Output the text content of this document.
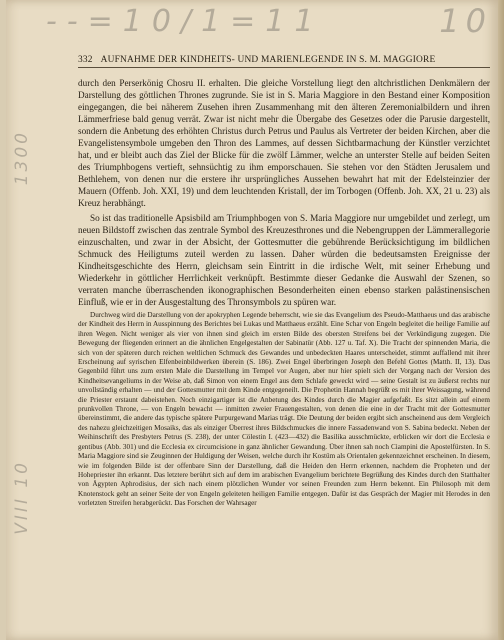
--=10/1=11	10
1300
VIII 10
332 AUFNAHME DER KINDHEITS- UND MARIENLEGENDE IN S. M. MAGGIORE

durch den Perserkönig Chosru II. erhalten. Die gleiche Vorstellung liegt den altchristlichen Denkmälern der Darstellung des göttlichen Thrones zugrunde. Sie ist in S. Maria Maggiore in den Bestand einer Komposition eingegangen, die bei näherem Zusehen ihren Zusammenhang mit den älteren Zeremonialbildern und ihren Lämmerfriese bald genug verrät. Zwar ist nicht mehr die Übergabe des Gesetzes oder die Parusie dargestellt, sondern die Anbetung des erhöhten Christus durch Petrus und Paulus als Vertreter der beiden Kirchen, aber die Evangelistensymbole umgeben den Thron des Lammes, auf dessen Sichtbarmachung der Künstler verzichtet hat, und er bleibt auch das Ziel der Blicke für die zwölf Lämmer, welche an unterster Stelle auf beiden Seiten des Triumphbogens vertieft, sehnsüchtig zu ihm emporschauen. Sie stehen vor den Städten Jerusalem und Bethlehem, von denen nur die erstere ihr ursprüngliches Aussehen bewahrt hat mit der Edelsteinzier der Mauern (Offenb. Joh. XXI, 19) und dem leuchtenden Kristall, der im Torbogen (Offenb. Joh. XX, 21 u. 23) als Kreuz herabhängt.

So ist das traditionelle Apsisbild am Triumphbogen von S. Maria Maggiore nur umgebildet und zerlegt, um neuen Bildstoff zwischen das zentrale Symbol des Kreuzesthrones und die Nebengruppen der Lämmerallegorie einzuschalten, und zwar in der Absicht, der Gottesmutter die gebührende Berücksichtigung im bildlichen Schmuck des Heiligtums zuteil werden zu lassen. Daher würden die bedeutsamsten Ereignisse der Kindheitsgeschichte des Herrn, gleichsam sein Eintritt in die irdische Welt, mit seiner Erhebung und Wiederkehr in göttlicher Herrlichkeit verknüpft. Bestimmte dieser Gedanke die Auswahl der Szenen, so verraten manche überraschenden ikonographischen Besonderheiten einen ebenso starken palästinensischen Einfluß, wie er in der Ausgestaltung des Thronsymbols zu spüren war.

Durchweg wird die Darstellung von der apokryphen Legende beherrscht, wie sie das Evangelium des Pseudo-Matthaeus und das arabische der Kindheit des Herrn in Ausspinnung des Berichtes bei Lukas und Matthaeus erzählt. Eine Schar von Engeln begleitet die heilige Familie auf ihren Wegen. Nicht weniger als vier von ihnen sind gleich im ersten Bilde des obersten Streifens bei der Verkündigung zugegen. Die Bewegung der fliegenden erinnert an die ähnlichen Engelgestalten der Sabinatür (Abb. 127 u. Taf. X). Die Tracht der spinnenden Maria, die sich von der späteren durch reichen weltlichen Schmuck des Gewandes und unbedeckten Haares unterscheidet, stimmt auffallend mit ihrer Erscheinung auf syrischen Elfenbeinbildwerken überein (S. 186). Zwei Engel überbringen Joseph den Befehl Gottes (Matth. II, 13). Das Gegenbild führt uns zum ersten Male die Darstellung im Tempel vor Augen, aber nur hier spielt sich der Vorgang nach der Version des Kindheitsevangeliums in der Weise ab, daß Simon von einem Engel aus dem Schlafe geweckt wird — seine Gestalt ist zu äußerst rechts nur unvollständig erhalten — und der Gottesmutter mit dem Kinde entgegeneilt. Die Prophetin Hannah begrüßt es mit ihrer Weissagung, während die Priester erstaunt dabeistehen. Noch einzigartiger ist die Anbetung des Kindes durch die Magier aufgefaßt. Es sitzt allein auf einem prunkvollen Throne, — von Engeln bewacht — inmitten zweier Frauengestalten, von denen die eine in der Tracht mit der Gottesmutter übereinstimmt, die andere das typische spätere Purpurgewand Marias trägt. Die Deutung der beiden ergibt sich anscheinend aus dem Vergleich des nahezu gleichzeitigen Mosaiks, das als einziger Überrest ihres Bildschmuckes die innere Fassadenwand von S. Sabina bedeckt. Neben der Weihinschrift des Presbyters Petrus (S. 238), der unter Cölestin I. (423—432) die Basilika ausschmückte, erblicken wir dort die Ecclesia e gentibus (Abb. 301) und die Ecclesia ex circumcisione in ganz ähnlicher Gewandung. Über ihnen sah noch Ciampini die Apostelfürsten. In S. Maria Maggiore sind sie Zeuginnen der Huldigung der Weisen, welche durch ihr Kostüm als Orientalen gekennzeichnet erscheinen. In diesem, wie im folgenden Bilde ist der offenbare Sinn der Darstellung, daß die Heiden den Herrn erkennen, nachdem die Propheten und der Hohepriester ihn erkannt. Das letztere berührt sich auf dem im arabischen Evangelium berichtete Begrüßung des Kindes durch den Statthalter von Ägypten Aphrodisius, der sich nach einem plötzlichen Wunder vor seinen Freunden zum Herrn bekennt. Ein Philosoph mit dem Knotenstock geht an seiner Seite der von Engeln geleiteten heiligen Familie entgegen. Dafür ist das Gespräch der Magier mit Herodes in den vorletzten Streifen herabgerückt. Das Forschen der Wahrsager
